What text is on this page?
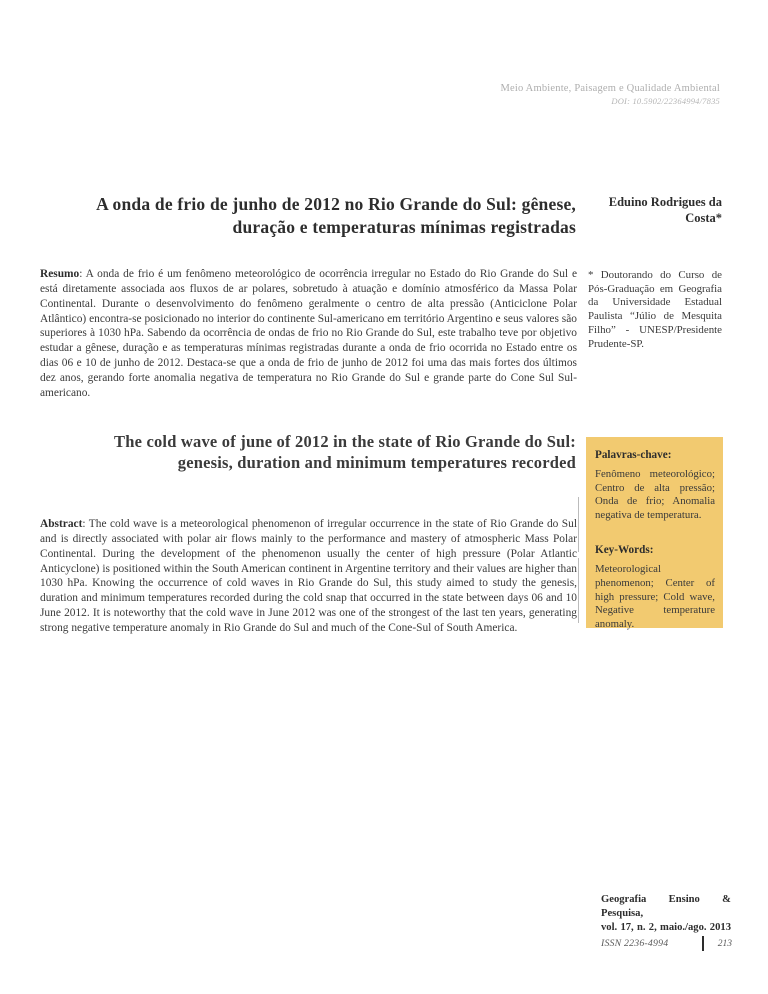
Meio Ambiente, Paisagem e Qualidade Ambiental
DOI: 10.5902/22364994/7835
A onda de frio de junho de 2012 no Rio Grande do Sul: gênese,
duração e temperaturas mínimas registradas
Eduino Rodrigues da Costa*
Resumo: A onda de frio é um fenômeno meteorológico de ocorrência irregular no Estado do Rio Grande do Sul e está diretamente associada aos fluxos de ar polares, sobretudo à atuação e domínio atmosférico da Massa Polar Continental. Durante o desenvolvimento do fenômeno geralmente o centro de alta pressão (Anticiclone Polar Atlântico) encontra-se posicionado no interior do continente Sul-americano em território Argentino e seus valores são superiores à 1030 hPa. Sabendo da ocorrência de ondas de frio no Rio Grande do Sul, este trabalho teve por objetivo estudar a gênese, duração e as temperaturas mínimas registradas durante a onda de frio ocorrida no Estado entre os dias 06 e 10 de junho de 2012. Destaca-se que a onda de frio de junho de 2012 foi uma das mais fortes dos últimos dez anos, gerando forte anomalia negativa de temperatura no Rio Grande do Sul e grande parte do Cone Sul Sul-americano.
* Doutorando do Curso de Pós-Graduação em Geografia da Universidade Estadual Paulista “Júlio de Mesquita Filho” - UNESP/Presidente Prudente-SP.
The cold wave of june of 2012 in the state of Rio Grande do Sul:
genesis, duration and minimum temperatures recorded
Abstract: The cold wave is a meteorological phenomenon of irregular occurrence in the state of Rio Grande do Sul and is directly associated with polar air flows mainly to the performance and mastery of atmospheric Mass Polar Continental. During the development of the phenomenon usually the center of high pressure (Polar Atlantic Anticyclone) is positioned within the South American continent in Argentine territory and their values are higher than 1030 hPa. Knowing the occurrence of cold waves in Rio Grande do Sul, this study aimed to study the genesis, duration and minimum temperatures recorded during the cold snap that occurred in the state between days 06 and 10 June 2012. It is noteworthy that the cold wave in June 2012 was one of the strongest of the last ten years, generating strong negative temperature anomaly in Rio Grande do Sul and much of the Cone-Sul of South America.
Palavras-chave:
Fenômeno meteorológico; Centro de alta pressão; Onda de frio; Anomalia negativa de temperatura.
Key-Words:
Meteorological phenomenon; Center of high pressure; Cold wave, Negative temperature anomaly.
Geografia Ensino & Pesquisa,
vol. 17, n. 2, maio./ago. 2013
ISSN 2236-4994	213
